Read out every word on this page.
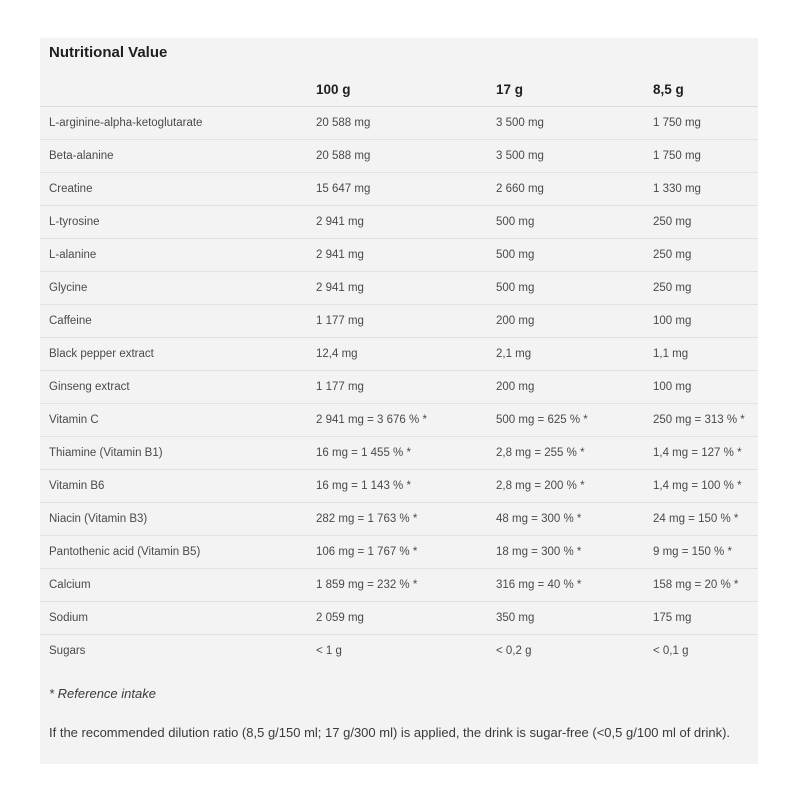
Nutritional Value
	100 g	17 g	8,5 g
L-arginine-alpha-ketoglutarate	20 588 mg	3 500 mg	1 750 mg
Beta-alanine	20 588 mg	3 500 mg	1 750 mg
Creatine	15 647 mg	2 660 mg	1 330 mg
L-tyrosine	2 941 mg	500 mg	250 mg
L-alanine	2 941 mg	500 mg	250 mg
Glycine	2 941 mg	500 mg	250 mg
Caffeine	1 177 mg	200 mg	100 mg
Black pepper extract	12,4 mg	2,1 mg	1,1 mg
Ginseng extract	1 177 mg	200 mg	100 mg
Vitamin C	2 941 mg = 3 676 % *	500 mg = 625 % *	250 mg = 313 % *
Thiamine (Vitamin B1)	16 mg = 1 455 % *	2,8 mg = 255 % *	1,4 mg = 127 % *
Vitamin B6	16 mg = 1 143 % *	2,8 mg = 200 % *	1,4 mg = 100 % *
Niacin (Vitamin B3)	282 mg = 1 763 % *	48 mg = 300 % *	24 mg = 150 % *
Pantothenic acid (Vitamin B5)	106 mg = 1 767 % *	18 mg = 300 % *	9 mg = 150 % *
Calcium	1 859 mg = 232 % *	316 mg = 40 % *	158 mg = 20 % *
Sodium	2 059 mg	350 mg	175 mg
Sugars	< 1 g	< 0,2 g	< 0,1 g
* Reference intake
If the recommended dilution ratio (8,5 g/150 ml; 17 g/300 ml) is applied, the drink is sugar-free (<0,5 g/100 ml of drink).
